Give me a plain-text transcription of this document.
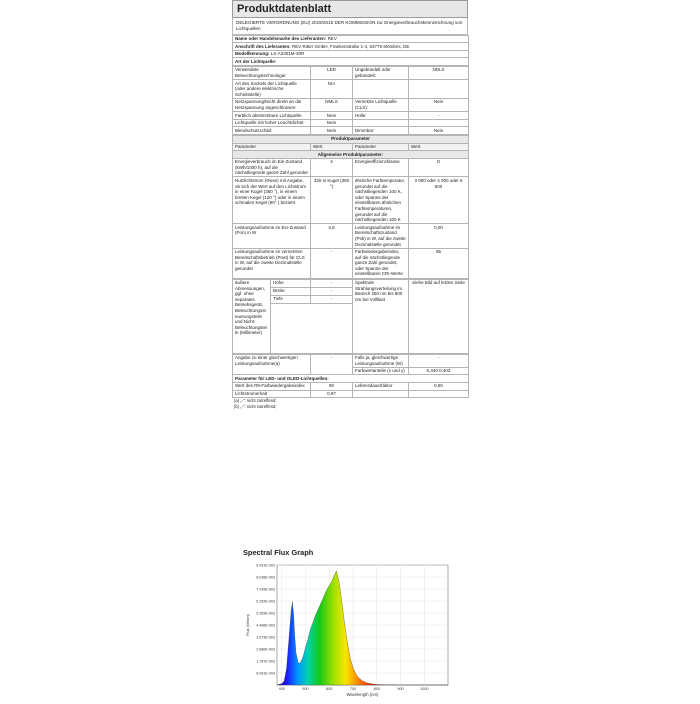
Produktdatenblatt
DELEGIERTE VERORDNUNG (EU) 2019/2015 DER KOMMISSION zur Energieverbrauchskennzeichnung von Lichtquellen
Name oder Handelsmarke des Lieferanten: REV
Anschrift des Lieferanten: REV Ritter GmbH, Frankenstraße 1-4, 63776 Mömbris, DE
Modellkennung: LS-A2301M-30R
Art der Lichtquelle:
Verwendete Beleuchtungstechnologie:	LED	Ungebündelt oder gebündelt:	NDLS
Art des Sockels der Lichtquelle (oder andere elektrische Schnittstelle)	N/A		
Netzspannung/Nicht direkt an die Netzspannung angeschlossen:	NMLS	Vernetzte Lichtquelle (CLS):	Nein
Farblich abstimmbare Lichtquelle:	Nein	Hülle:	-
Lichtquelle mit hoher Leuchtdichte:	Nein		
Blendschutzschild:	Nein	Dimmbar:	Nein
Produktparameter			
Parameter	Wert	Parameter	Wert
Allgemeine Produktparameter:			
Energieverbrauch im Ein-Zustand (kWh/1000 h), auf die nächstliegende ganze Zahl gerundet	4	Energieeffizienzklasse	G
Nutzlichtstrom (Φuse) mit Angabe, ob sich der Wert auf den Lichtstrom in einer Kugel (360 °), in einem breiten Kegel (120 °) oder in einem schmalen Kegel (90° ) bezieht	320 in Kugel (360 °)	ähnliche Farbtemperatur, gerundet auf die nächstliegenden 100 K, oder Spanne der einstellbaren ähnlichen Farbtemperaturen, gerundet auf die nächstliegenden 100 K	3 000 oder 4 000 oder 6 500
Leistungsaufnahme im Ein-Zustand (Pon) in W	3,8	Leistungsaufnahme im Bereitschaftszustand (Psb) in W, auf die zweite Dezimalstelle gerundet	0,00
Leistungsaufnahme im vernetzten Bereitschaftsbetrieb (Pnet) für CLS in W, auf die zweite Dezimalstelle gerundet	-	Farbwiedergabeindex, auf die nächstliegende ganze Zahl gerundet, oder Spanne der einstellbaren CRI-Werte	95
äußere Abmessungen, ggf. ohne separates Betriebsgerät, Beleuchtungssteuerungsteile und Nicht-Beleuchtungsteile (Millimeter)	Höhe	-	Spektrale Strahlungsverteilung im Bereich 250 nm bis 800 nm bei Vollllast	Siehe Bild auf letzter Seite
	Breite	-		
	Tiefe	-		

Angabe zu einer gleichwertigen Leistungsaufnahme(a)	-	Falls ja, gleichwertige Leistungsaufnahme (W)	-
		Farbwertanteile (x und y)	0,440 0,403
Parameter für LED- und OLED-Lichtquellen:			
Wert des R9-Farbwiedergabeindex	90	Lebensdauerfaktor	0,90
Lichtstromerhalt	0,97		
(a) „-“: nicht zutreffend;
(b) „-“: nicht zutreffend;
Spectral Flux Graph
8.931E-003
8.038E-003
7.145E-003
6.252E-003
5.359E-003
4.466E-003
3.573E-003
2.680E-003
1.787E-003
8.931E-004
400	500	600	700	800	900	1000
Flux (W/nm)
Wavelength (nm)
